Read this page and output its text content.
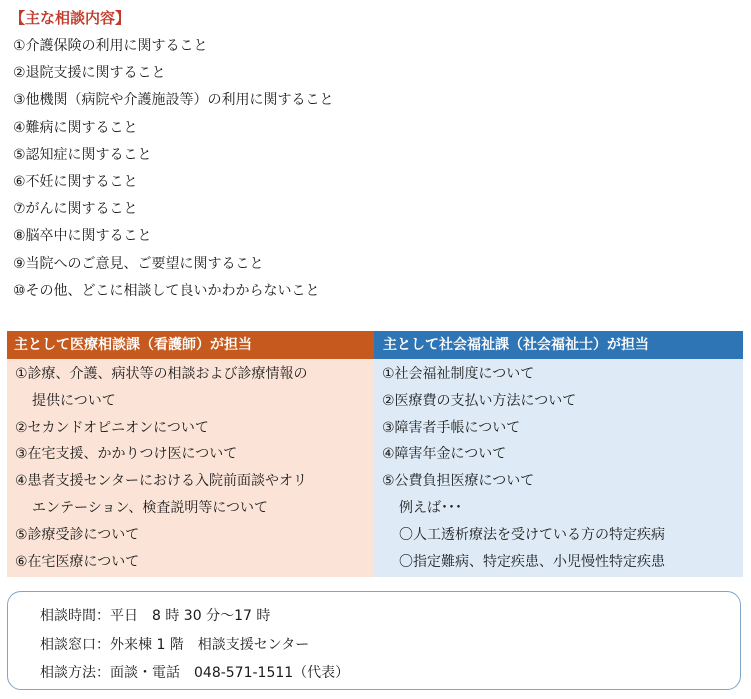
【主な相談内容】
①介護保険の利用に関すること
②退院支援に関すること
③他機関（病院や介護施設等）の利用に関すること
④難病に関すること
⑤認知症に関すること
⑥不妊に関すること
⑦がんに関すること
⑧脳卒中に関すること
⑨当院へのご意見、ご要望に関すること
⑩その他、どこに相談して良いかわからないこと
主として医療相談課（看護師）が担当
①診療、介護、病状等の相談および診療情報の
提供について
②セカンドオピニオンについて
③在宅支援、かかりつけ医について
④患者支援センターにおける入院前面談やオリ
エンテーション、検査説明等について
⑤診療受診について
⑥在宅医療について
主として社会福祉課（社会福祉士）が担当
①社会福祉制度について
②医療費の支払い方法について
③障害者手帳について
④障害年金について
⑤公費負担医療について
例えば･･･
〇人工透析療法を受けている方の特定疾病
〇指定難病、特定疾患、小児慢性特定疾患
相談時間：平日　8 時 30 分～17 時
相談窓口：外来棟 1 階　相談支援センター
相談方法：面談・電話　048-571-1511（代表）
